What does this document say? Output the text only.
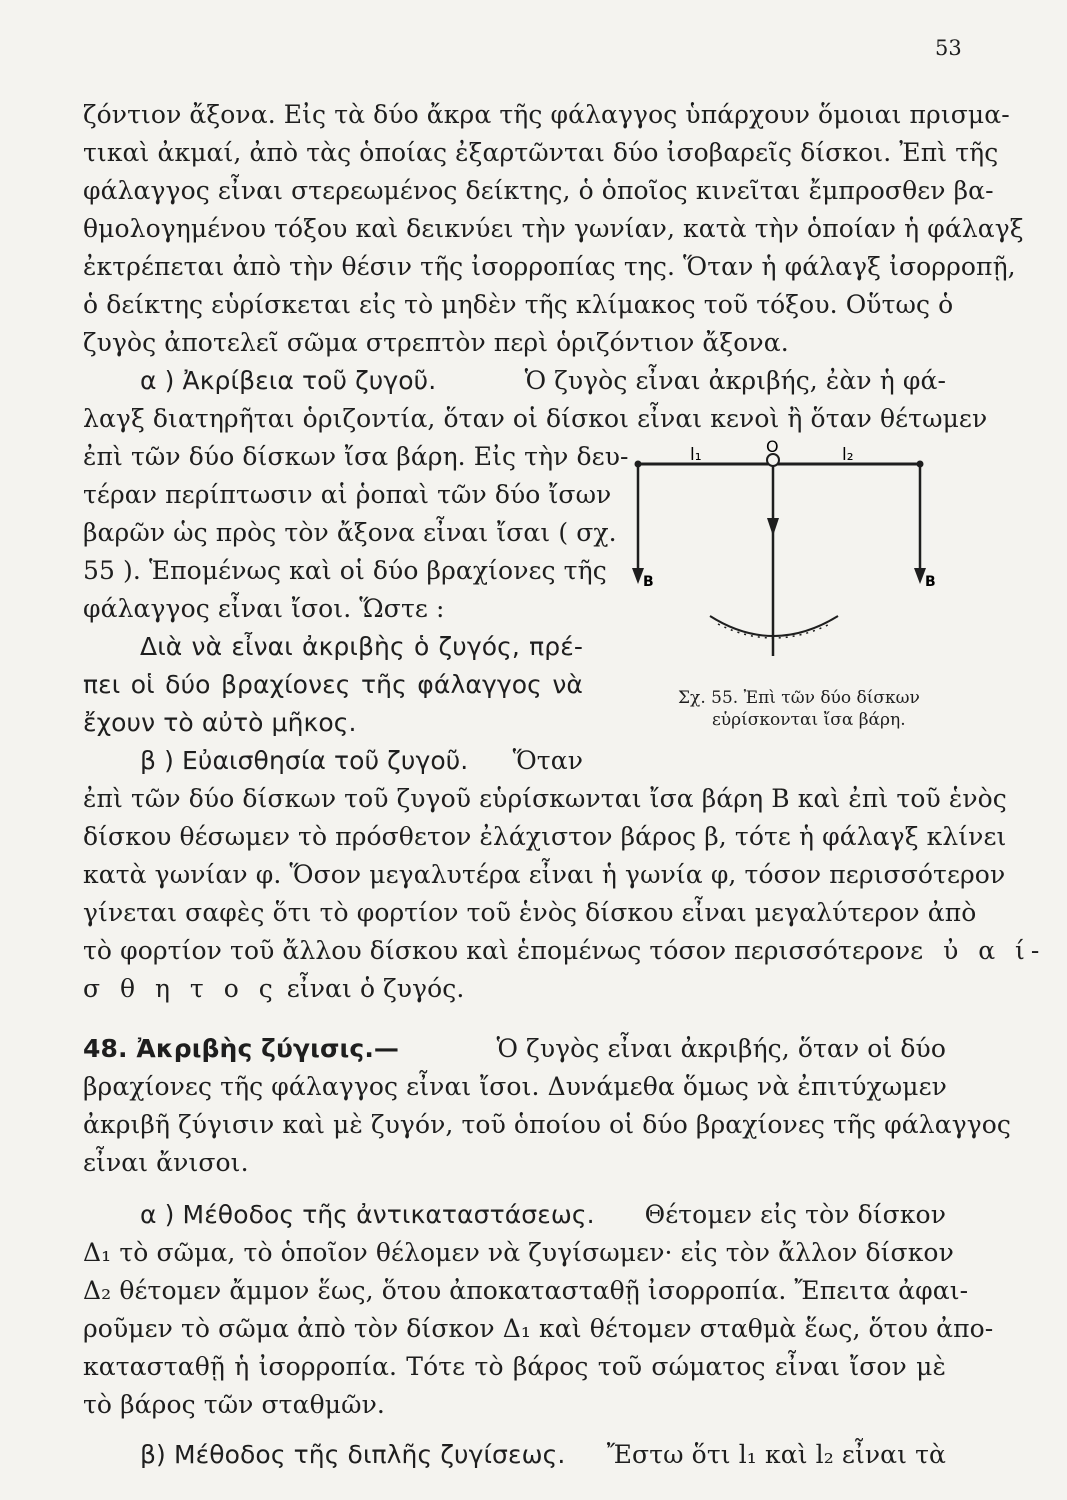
53
ζόντιον ἄξονα. Εἰς τὰ δύο ἄκρα τῆς φάλαγγος ὑπάρχουν ὅμοιαι πρισμα-
τικαὶ ἀκμαί, ἀπὸ τὰς ὁποίας ἐξαρτῶνται δύο ἰσοβαρεῖς δίσκοι. Ἐπὶ τῆς
φάλαγγος εἶναι στερεωμένος δείκτης, ὁ ὁποῖος κινεῖται ἔμπροσθεν βα-
θμολογημένου τόξου καὶ δεικνύει τὴν γωνίαν, κατὰ τὴν ὁποίαν ἡ φάλαγξ
ἐκτρέπεται ἀπὸ τὴν θέσιν τῆς ἰσορροπίας της. Ὅταν ἡ φάλαγξ ἰσορροπῇ,
ὁ δείκτης εὑρίσκεται εἰς τὸ μηδὲν τῆς κλίμακος τοῦ τόξου. Οὕτως ὁ
ζυγὸς ἀποτελεῖ σῶμα στρεπτὸν περὶ ὁριζόντιον ἄξονα.
α ) Ἀκρίβεια τοῦ ζυγοῦ.	Ὁ ζυγὸς εἶναι ἀκριβής, ἐὰν ἡ φά-
λαγξ διατηρῆται ὁριζοντία, ὅταν οἱ δίσκοι εἶναι κενοὶ ἢ ὅταν θέτωμεν
ἐπὶ τῶν δύο δίσκων ἴσα βάρη. Εἰς τὴν δευ-
τέραν περίπτωσιν αἱ ῥοπαὶ τῶν δύο ἴσων
βαρῶν ὡς πρὸς τὸν ἄξονα εἶναι ἴσαι ( σχ.
55 ). Ἑπομένως καὶ οἱ δύο βραχίονες τῆς
φάλαγγος εἶναι ἴσοι. Ὥστε :
Διὰ νὰ εἶναι ἀκριβὴς ὁ ζυγός, πρέ-
πει οἱ δύο βραχίονες τῆς φάλαγγος νὰ
ἔχουν τὸ αὐτὸ μῆκος.
β ) Εὐαισθησία τοῦ ζυγοῦ. Ὅταν
ἐπὶ τῶν δύο δίσκων τοῦ ζυγοῦ εὑρίσκωνται ἴσα βάρη Β καὶ ἐπὶ τοῦ ἑνὸς
δίσκου θέσωμεν τὸ πρόσθετον ἐλάχιστον βάρος β, τότε ἡ φάλαγξ κλίνει
κατὰ γωνίαν φ. Ὅσον μεγαλυτέρα εἶναι ἡ γωνία φ, τόσον περισσότερον
γίνεται σαφὲς ὅτι τὸ φορτίον τοῦ ἑνὸς δίσκου εἶναι μεγαλύτερον ἀπὸ
τὸ φορτίον τοῦ ἄλλου δίσκου καὶ ἑπομένως τόσον περισσότερον ε ὐ α ί-
σ θ η τ ο ς εἶναι ὁ ζυγός.
l₁	O	l₂
B	B
Σχ. 55. Ἐπὶ τῶν δύο δίσκων
εὑρίσκονται ἴσα βάρη.
48. Ἀκριβὴς ζύγισις.—	Ὁ ζυγὸς εἶναι ἀκριβής, ὅταν οἱ δύο
βραχίονες τῆς φάλαγγος εἶναι ἴσοι. Δυνάμεθα ὅμως νὰ ἐπιτύχωμεν
ἀκριβῆ ζύγισιν καὶ μὲ ζυγόν, τοῦ ὁποίου οἱ δύο βραχίονες τῆς φάλαγγος
εἶναι ἄνισοι.
α ) Μέθοδος τῆς ἀντικαταστάσεως. Θέτομεν εἰς τὸν δίσκον
Δ₁ τὸ σῶμα, τὸ ὁποῖον θέλομεν νὰ ζυγίσωμεν· εἰς τὸν ἄλλον δίσκον
Δ₂ θέτομεν ἄμμον ἕως, ὅτου ἀποκατασταθῇ ἰσορροπία. Ἔπειτα ἀφαι-
ροῦμεν τὸ σῶμα ἀπὸ τὸν δίσκον Δ₁ καὶ θέτομεν σταθμὰ ἕως, ὅτου ἀπο-
κατασταθῇ ἡ ἰσορροπία. Τότε τὸ βάρος τοῦ σώματος εἶναι ἴσον μὲ
τὸ βάρος τῶν σταθμῶν.
β) Μέθοδος τῆς διπλῆς ζυγίσεως. Ἔστω ὅτι l₁ καὶ l₂ εἶναι τὰ
